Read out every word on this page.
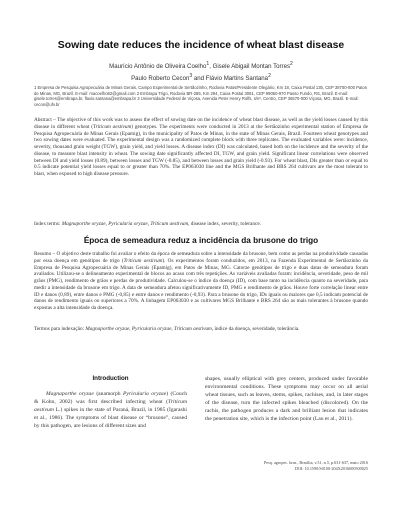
Sowing date reduces the incidence of wheat blast disease
Maurício Antônio de Oliveira Coelho$^1$, Gisele Abigail Montan Torres$^2$
Paulo Roberto Cecon$^3$ and Flávio Martins Santana$^2$
1 Empresa de Pesquisa Agropecuária de Minas Gerais, Campo Experimental de Sertãozinho, Rodovia Patos/Presidente Olegário, Km 18, Caixa Postal 135, CEP 38700-000 Patos de Minas, MG, Brazil. E-mail: macoelho82@gmail.com 2 Embrapa Trigo, Rodovia BR-285, Km 294, Caixa Postal 3081, CEP 99050-970 Passo Fundo, RS, Brazil. E-mail: gisele.torres@embrapa.br, flavio.santana@embrapa.br 3 Universidade Federal de Viçosa, Avenida Peter Henry Rolfs, s/nº, Centro, CEP 36570-000 Viçosa, MG, Brazil. E-mail: cecon@ufv.br
Abstract – The objective of this work was to assess the effect of sowing date on the incidence of wheat blast disease, as well as the yield losses caused by this disease in different wheat (Triticum aestivum) genotypes. The experiments were conducted in 2013 at the Sertãozinho experimental station of Empresa de Pesquisa Agropecuária de Minas Gerais (Epamig), in the municipality of Patos de Minas, in the state of Minas Gerais, Brazil. Fourteen wheat genotypes and two sowing dates were evaluated. The experimental design was a randomized complete block with three replicates. The evaluated variables were: incidence, severity, thousand grain weight (TGW), grain yield, and yield losses. A disease index (DI) was calculated, based both on the incidence and the severity of the disease, to measure blast intensity in wheat. The sowing date significantly affected DI, TGW, and grain yield. Significant linear correlations were observed between DI and yield losses (0.89), between losses and TGW (-0.85), and between losses and grain yield (-0.93). For wheat blast, DIs greater than or equal to 0.5 indicate potential yield losses equal to or greater than 70%. The EP063030 line and the MGS Brilhante and BRS 264 cultivars are the most tolerant to blast, when exposed to high disease pressure.
Index terms: Magnaporthe oryzae, Pyricularia oryzae, Triticum aestivum, disease index, severity, tolerance.
Época de semeadura reduz a incidência da brusone do trigo
Resumo – O objetivo deste trabalho foi avaliar o efeito da época de semeadura sobre a intensidade da brusone, bem como as perdas na produtividade causadas por essa doença em genótipos de trigo (Triticum aestivum). Os experimentos foram conduzidos, em 2013, na Fazenda Experimental de Sertãozinho da Empresa de Pesquisa Agropecuária de Minas Gerais (Epamig), em Patos de Minas, MG. Catorze genótipos de trigo e duas datas de semeadura foram avaliados. Utilizou-se o delineamento experimental de blocos ao acaso com três repetições. As variáveis avaliadas foram: incidência, severidade, peso de mil grãos (PMG), rendimento de grãos e perdas de produtividade. Calculou-se o índice da doença (ID), com base tanto na incidência quanto na severidade, para medir a intensidade da brusone em trigo. A data de semeadura afetou significativamente ID, PMG e rendimento de grãos. Houve forte correlação linear entre ID e danos (0,89), entre danos e PMG (-0,85) e entre danos e rendimento (-0,93). Para a brusone do trigo, IDs iguais ou maiores que 0,5 indicam potencial de danos de rendimento iguais ou superiores a 70%. A linhagem EP063030 e as cultivares MGS Brilhante e BRS 264 são as mais tolerantes à brusone quando expostas a alta intensidade da doença.
Termos para indexação: Magnaporthe oryzae, Pyricularia oryzae, Triticum aestivum, índice da doença, severidade, tolerância.
Introduction

Magnaporthe oryzae (anamorph Pyricularia oryzae) (Couch & Kohn, 2002) was first described infecting wheat (Triticum aestivum L.) spikes in the state of Paraná, Brazil, in 1985 (Igarashi et al., 1986). The symptoms of blast disease or “brusone”, caused by this pathogen, are lesions of different sizes and

shapes, usually elliptical with grey centers, produced under favorable environmental conditions. These symptoms may occur on all aerial wheat tissues, such as leaves, stems, spikes, rachises, and, in later stages of the disease, turn the infected spikes bleached (discolored). On the rachis, the pathogen produces a dark and brilliant lesion that indicates the penetration site, which is the infection point (Lau et al., 2011).

Pesq. agropec. bras., Brasília, v.51, n.5, p.631-637, maio 2016
DOI: 10.1590/S0100-204X2016000500025
